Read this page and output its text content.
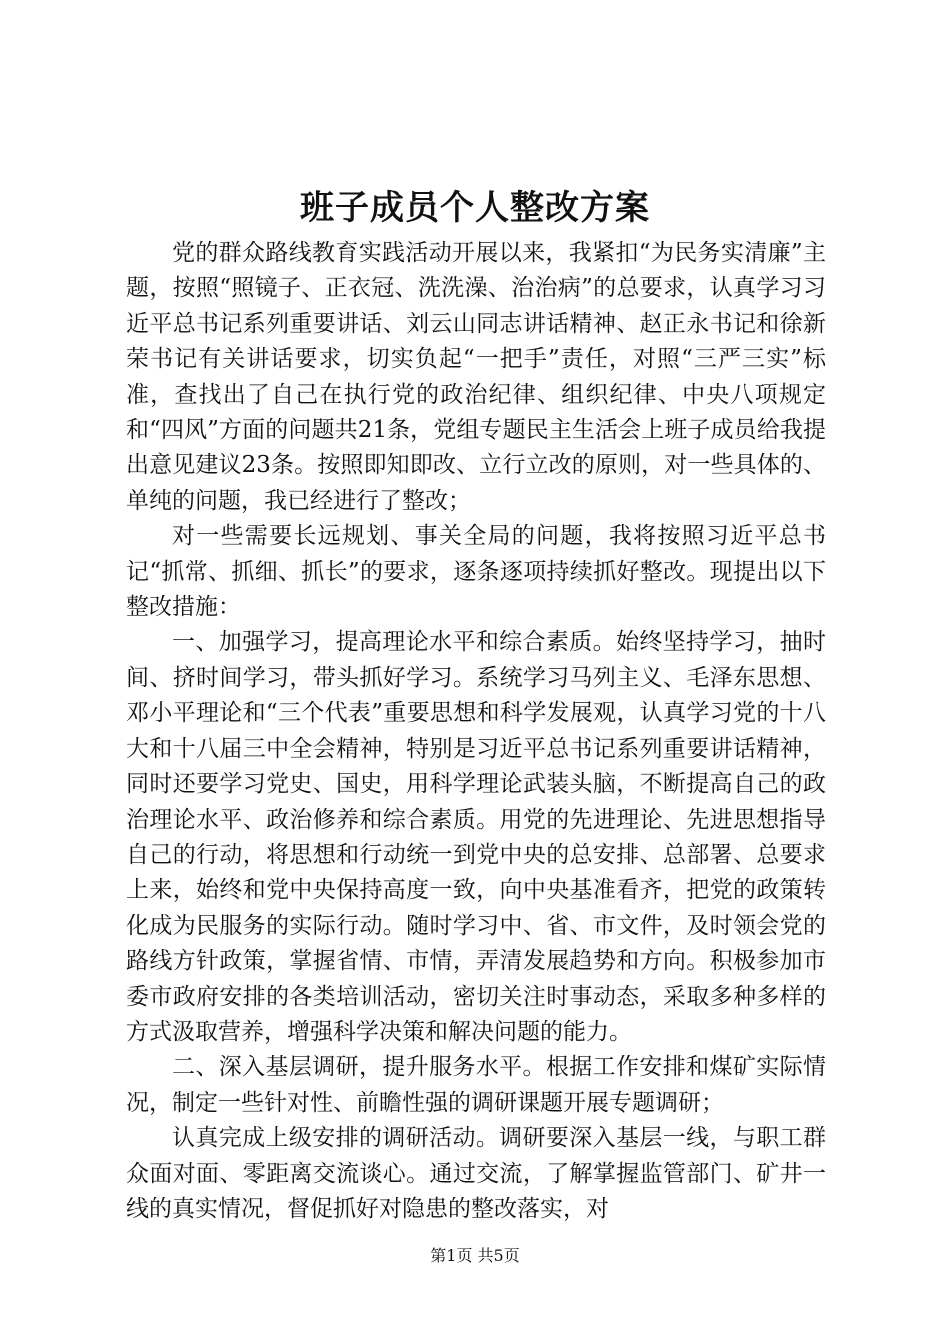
班子成员个人整改方案

党的群众路线教育实践活动开展以来，我紧扣“为民务实清廉”主题，按照“照镜子、正衣冠、洗洗澡、治治病”的总要求，认真学习习近平总书记系列重要讲话、刘云山同志讲话精神、赵正永书记和徐新荣书记有关讲话要求，切实负起“一把手”责任，对照“三严三实”标准，查找出了自己在执行党的政治纪律、组织纪律、中央八项规定和“四风”方面的问题共21条，党组专题民主生活会上班子成员给我提出意见建议23条。按照即知即改、立行立改的原则，对一些具体的、单纯的问题，我已经进行了整改；

对一些需要长远规划、事关全局的问题，我将按照习近平总书记“抓常、抓细、抓长”的要求，逐条逐项持续抓好整改。现提出以下整改措施：

一、加强学习，提高理论水平和综合素质。始终坚持学习，抽时间、挤时间学习，带头抓好学习。系统学习马列主义、毛泽东思想、邓小平理论和“三个代表”重要思想和科学发展观，认真学习党的十八大和十八届三中全会精神，特别是习近平总书记系列重要讲话精神，同时还要学习党史、国史，用科学理论武装头脑，不断提高自己的政治理论水平、政治修养和综合素质。用党的先进理论、先进思想指导自己的行动，将思想和行动统一到党中央的总安排、总部署、总要求上来，始终和党中央保持高度一致，向中央基准看齐，把党的政策转化成为民服务的实际行动。随时学习中、省、市文件，及时领会党的路线方针政策，掌握省情、市情，弄清发展趋势和方向。积极参加市委市政府安排的各类培训活动，密切关注时事动态，采取多种多样的方式汲取营养，增强科学决策和解决问题的能力。

二、深入基层调研，提升服务水平。根据工作安排和煤矿实际情况，制定一些针对性、前瞻性强的调研课题开展专题调研；

认真完成上级安排的调研活动。调研要深入基层一线，与职工群众面对面、零距离交流谈心。通过交流，了解掌握监管部门、矿井一线的真实情况，督促抓好对隐患的整改落实，对

第1页 共5页
